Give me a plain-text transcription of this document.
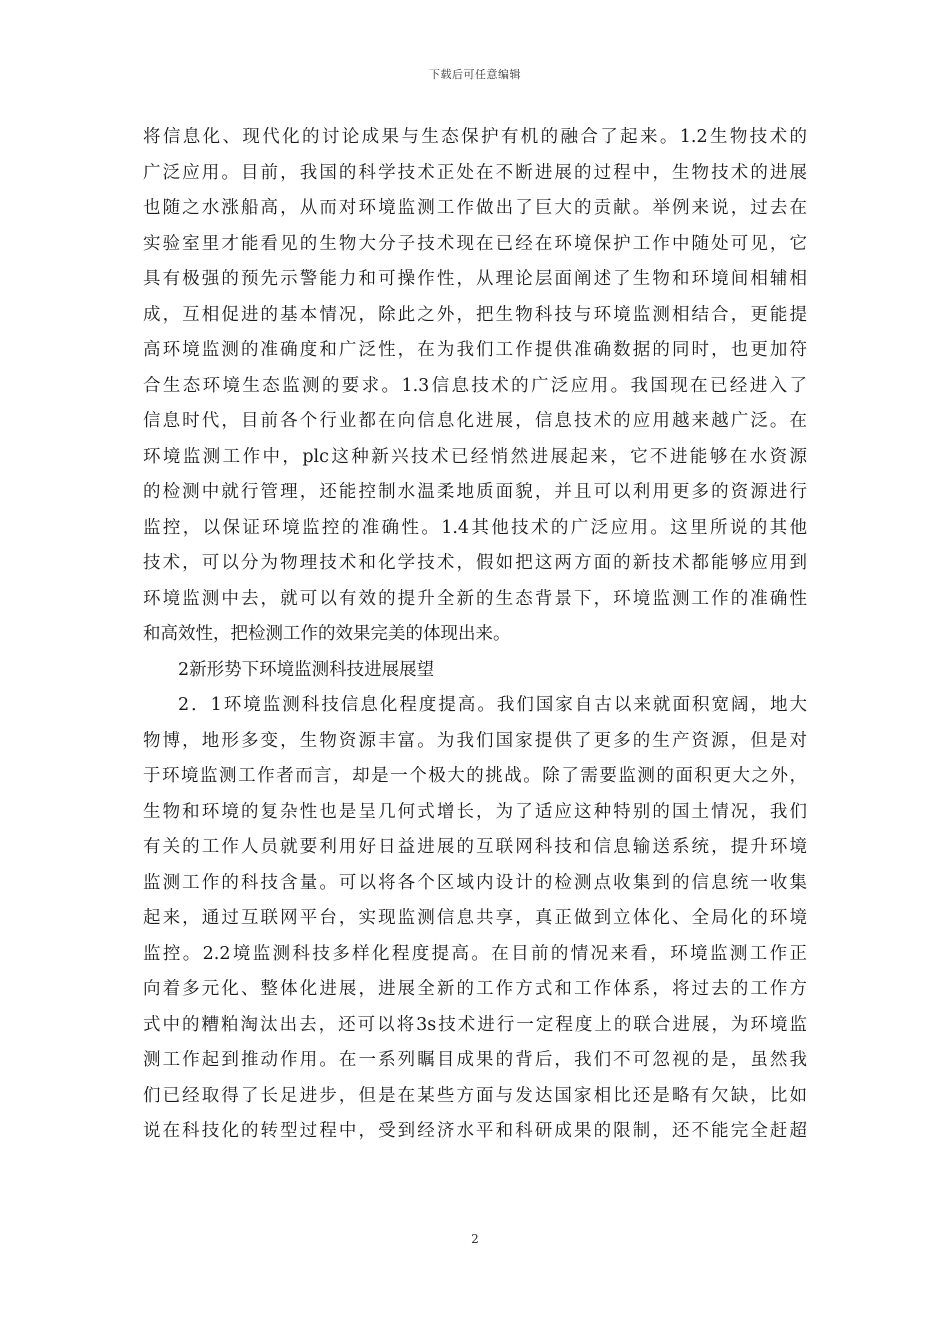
下载后可任意编辑
将信息化、现代化的讨论成果与生态保护有机的融合了起来。1.2生物技术的
广泛应用。目前，我国的科学技术正处在不断进展的过程中，生物技术的进展
也随之水涨船高，从而对环境监测工作做出了巨大的贡献。举例来说，过去在
实验室里才能看见的生物大分子技术现在已经在环境保护工作中随处可见，它
具有极强的预先示警能力和可操作性，从理论层面阐述了生物和环境间相辅相
成，互相促进的基本情况，除此之外，把生物科技与环境监测相结合，更能提
高环境监测的准确度和广泛性，在为我们工作提供准确数据的同时，也更加符
合生态环境生态监测的要求。1.3信息技术的广泛应用。我国现在已经进入了
信息时代，目前各个行业都在向信息化进展，信息技术的应用越来越广泛。在
环境监测工作中，plc这种新兴技术已经悄然进展起来，它不进能够在水资源
的检测中就行管理，还能控制水温柔地质面貌，并且可以利用更多的资源进行
监控，以保证环境监控的准确性。1.4其他技术的广泛应用。这里所说的其他
技术，可以分为物理技术和化学技术，假如把这两方面的新技术都能够应用到
环境监测中去，就可以有效的提升全新的生态背景下，环境监测工作的准确性
和高效性，把检测工作的效果完美的体现出来。
2新形势下环境监测科技进展展望
2．1环境监测科技信息化程度提高。我们国家自古以来就面积宽阔，地大
物博，地形多变，生物资源丰富。为我们国家提供了更多的生产资源，但是对
于环境监测工作者而言，却是一个极大的挑战。除了需要监测的面积更大之外，
生物和环境的复杂性也是呈几何式增长，为了适应这种特别的国土情况，我们
有关的工作人员就要利用好日益进展的互联网科技和信息输送系统，提升环境
监测工作的科技含量。可以将各个区域内设计的检测点收集到的信息统一收集
起来，通过互联网平台，实现监测信息共享，真正做到立体化、全局化的环境
监控。2.2境监测科技多样化程度提高。在目前的情况来看，环境监测工作正
向着多元化、整体化进展，进展全新的工作方式和工作体系，将过去的工作方
式中的糟粕淘汰出去，还可以将3s技术进行一定程度上的联合进展，为环境监
测工作起到推动作用。在一系列瞩目成果的背后，我们不可忽视的是，虽然我
们已经取得了长足进步，但是在某些方面与发达国家相比还是略有欠缺，比如
说在科技化的转型过程中，受到经济水平和科研成果的限制，还不能完全赶超
2
